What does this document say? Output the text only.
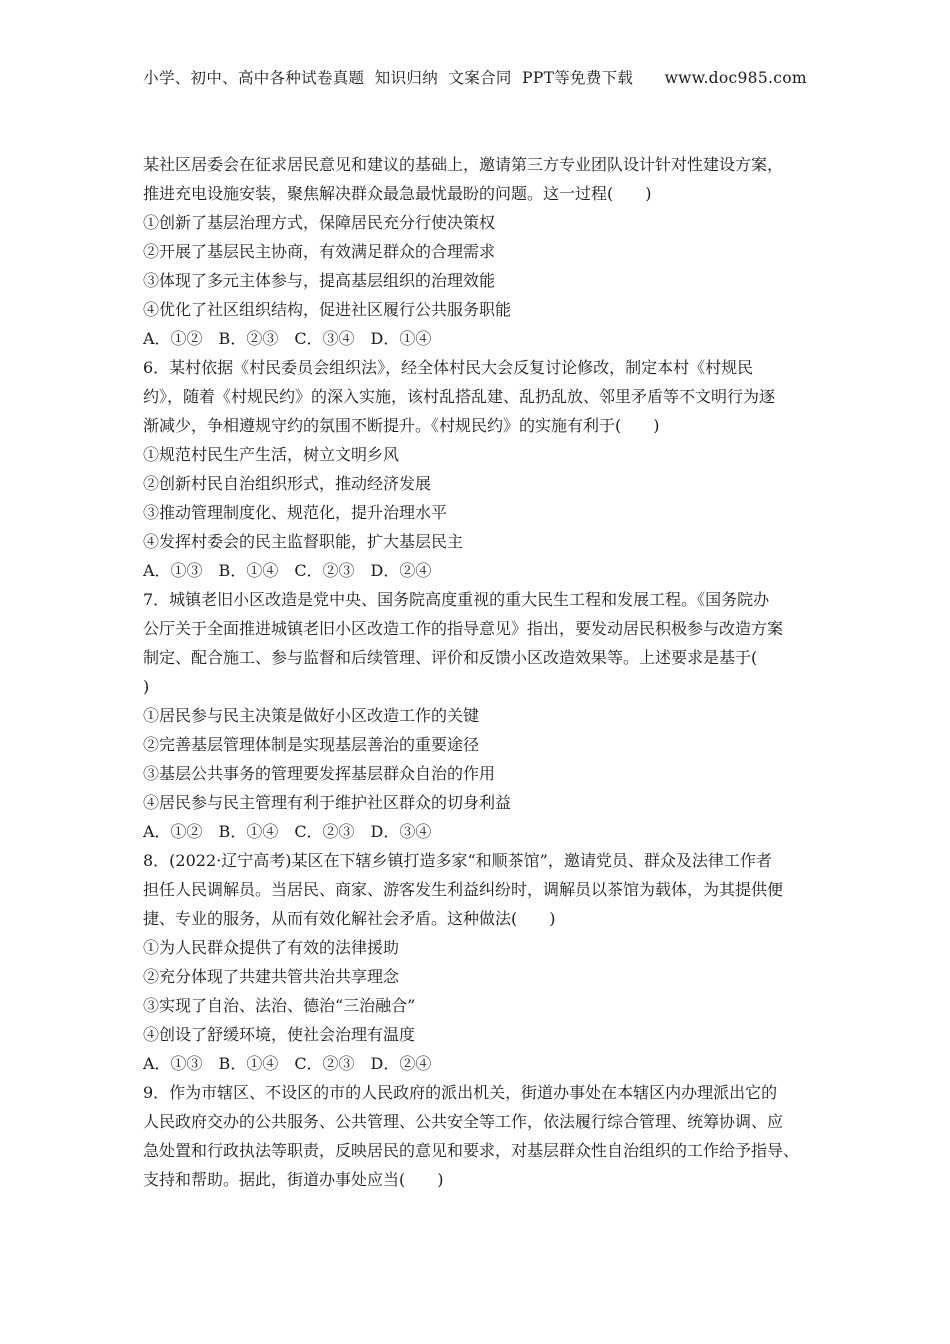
小学、初中、高中各种试卷真题  知识归纳  文案合同  PPT等免费下载      www.doc985.com
某社区居委会在征求居民意见和建议的基础上，邀请第三方专业团队设计针对性建设方案，
推进充电设施安装，聚焦解决群众最急最忧最盼的问题。这一过程(　　)
①创新了基层治理方式，保障居民充分行使决策权
②开展了基层民主协商，有效满足群众的合理需求
③体现了多元主体参与，提高基层组织的治理效能
④优化了社区组织结构，促进社区履行公共服务职能
A．①②　B．②③　C．③④　D．①④
6．某村依据《村民委员会组织法》，经全体村民大会反复讨论修改，制定本村《村规民
约》，随着《村规民约》的深入实施，该村乱搭乱建、乱扔乱放、邻里矛盾等不文明行为逐
渐减少，争相遵规守约的氛围不断提升。《村规民约》的实施有利于(　　)
①规范村民生产生活，树立文明乡风
②创新村民自治组织形式，推动经济发展
③推动管理制度化、规范化，提升治理水平
④发挥村委会的民主监督职能，扩大基层民主
A．①③　B．①④　C．②③　D．②④
7．城镇老旧小区改造是党中央、国务院高度重视的重大民生工程和发展工程。《国务院办
公厅关于全面推进城镇老旧小区改造工作的指导意见》指出，要发动居民积极参与改造方案
制定、配合施工、参与监督和后续管理、评价和反馈小区改造效果等。上述要求是基于(
)
①居民参与民主决策是做好小区改造工作的关键
②完善基层管理体制是实现基层善治的重要途径
③基层公共事务的管理要发挥基层群众自治的作用
④居民参与民主管理有利于维护社区群众的切身利益
A．①②　B．①④　C．②③　D．③④
8．(2022·辽宁高考)某区在下辖乡镇打造多家“和顺茶馆”，邀请党员、群众及法律工作者
担任人民调解员。当居民、商家、游客发生利益纠纷时，调解员以茶馆为载体，为其提供便
捷、专业的服务，从而有效化解社会矛盾。这种做法(　　)
①为人民群众提供了有效的法律援助
②充分体现了共建共管共治共享理念
③实现了自治、法治、德治“三治融合”
④创设了舒缓环境，使社会治理有温度
A．①③　B．①④　C．②③　D．②④
9．作为市辖区、不设区的市的人民政府的派出机关，街道办事处在本辖区内办理派出它的
人民政府交办的公共服务、公共管理、公共安全等工作，依法履行综合管理、统筹协调、应
急处置和行政执法等职责，反映居民的意见和要求，对基层群众性自治组织的工作给予指导、
支持和帮助。据此，街道办事处应当(　　)
